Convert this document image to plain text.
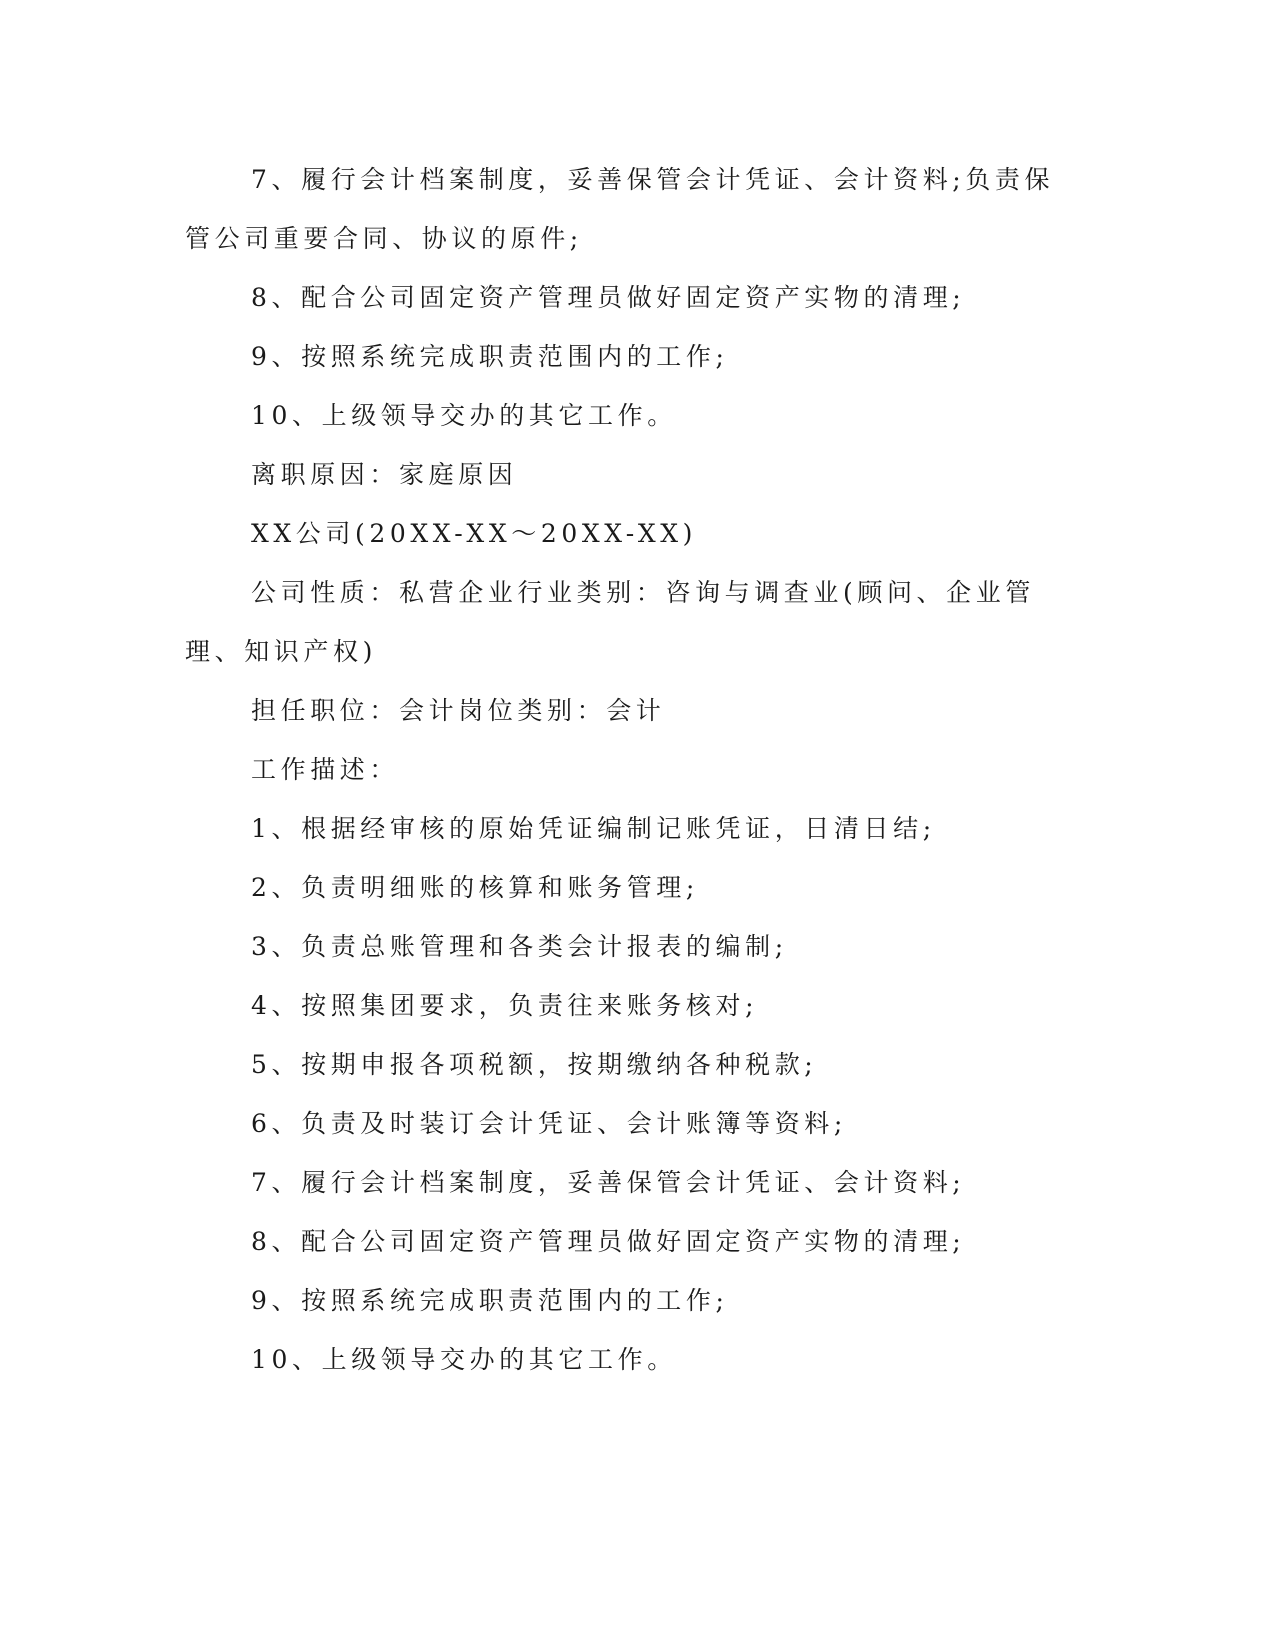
7、履行会计档案制度，妥善保管会计凭证、会计资料;负责保管公司重要合同、协议的原件;

8、配合公司固定资产管理员做好固定资产实物的清理;

9、按照系统完成职责范围内的工作;

10、上级领导交办的其它工作。

离职原因：家庭原因

XX公司(20XX-XX～20XX-XX)

公司性质：私营企业行业类别：咨询与调查业(顾问、企业管理、知识产权)

担任职位：会计岗位类别：会计

工作描述：

1、根据经审核的原始凭证编制记账凭证，日清日结;

2、负责明细账的核算和账务管理;

3、负责总账管理和各类会计报表的编制;

4、按照集团要求，负责往来账务核对;

5、按期申报各项税额，按期缴纳各种税款;

6、负责及时装订会计凭证、会计账簿等资料;

7、履行会计档案制度，妥善保管会计凭证、会计资料;

8、配合公司固定资产管理员做好固定资产实物的清理;

9、按照系统完成职责范围内的工作;

10、上级领导交办的其它工作。
